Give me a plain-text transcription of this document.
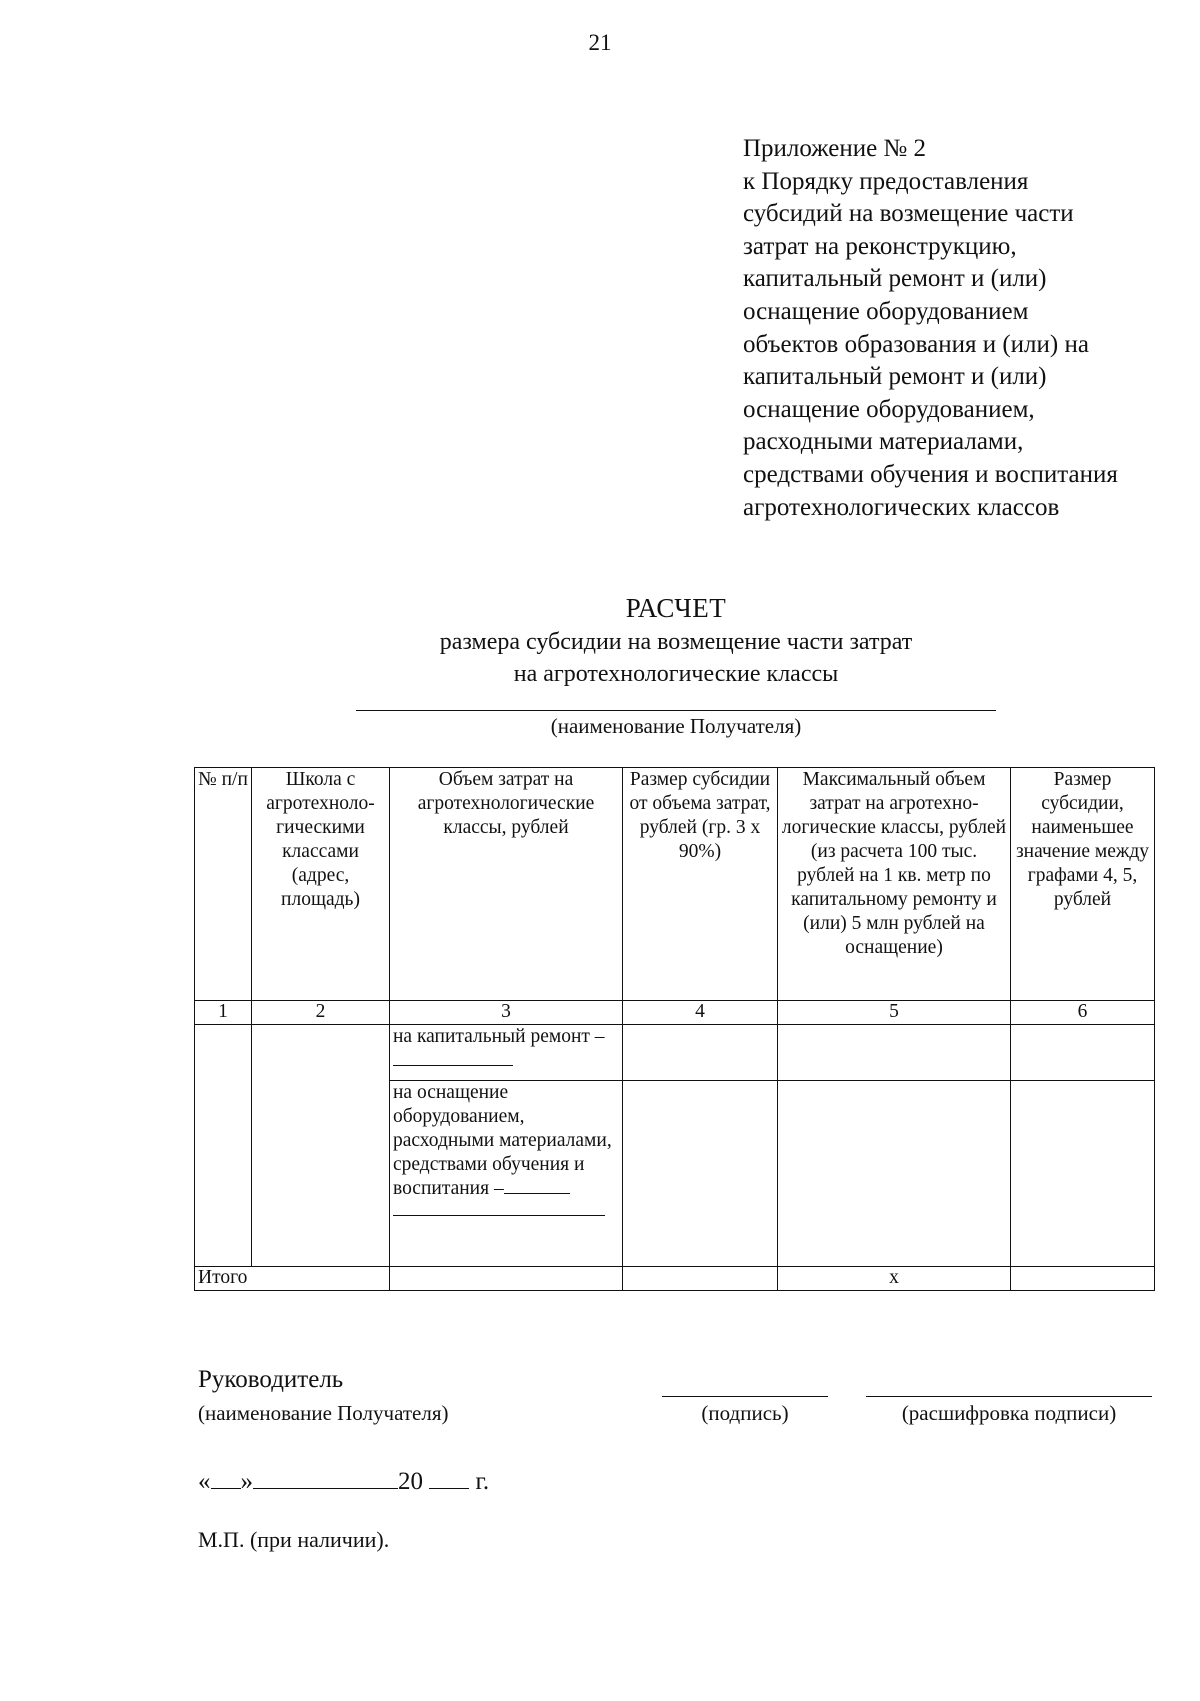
21
Приложение № 2
к Порядку предоставления
субсидий на возмещение части
затрат на реконструкцию,
капитальный ремонт и (или)
оснащение оборудованием
объектов образования и (или) на
капитальный ремонт и (или)
оснащение оборудованием,
расходными материалами,
средствами обучения и воспитания
агротехнологических классов
РАСЧЕТ
размера субсидии на возмещение части затрат
на агротехнологические классы
(наименование Получателя)
№ п/п	Школа с агротехноло-гическими классами (адрес, площадь)	Объем затрат на агротехнологические классы, рублей	Размер субсидии от объема затрат, рублей (гр. 3 х 90%)	Максимальный объем затрат на агротехно-логические классы, рублей (из расчета 100 тыс. рублей на 1 кв. метр по капитальному ремонту и (или) 5 млн рублей на оснащение)	Размер субсидии, наименьшее значение между графами 4, 5, рублей
1	2	3	4	5	6
		на капитальный ремонт –			
		на оснащение оборудованием, расходными материалами, средствами обучения и воспитания –

Итого				х	
Руководитель
(наименование Получателя)	(подпись)	(расшифровка подписи)
« »	20 г.
М.П. (при наличии).
